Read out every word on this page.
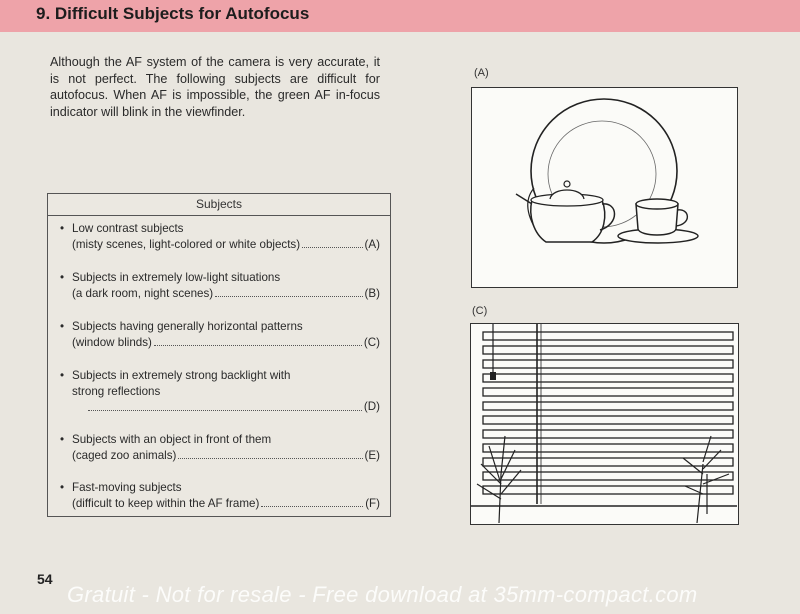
9. Difficult Subjects for Autofocus
Although the AF system of the camera is very accurate, it is not perfect. The following subjects are difficult for autofocus. When AF is impossible, the green AF in-focus indicator will blink in the viewfinder.
Subjects
• Low contrast subjects
(misty scenes, light-colored or white objects)	(A)
• Subjects in extremely low-light situations
(a dark room, night scenes)	(B)
• Subjects having generally horizontal patterns
(window blinds)	(C)
• Subjects in extremely strong backlight with
strong reflections
(D)
• Subjects with an object in front of them
(caged zoo animals)	(E)
• Fast-moving subjects
(difficult to keep within the AF frame)	(F)
(A)
(C)
54
Gratuit - Not for resale - Free download at 35mm-compact.com
